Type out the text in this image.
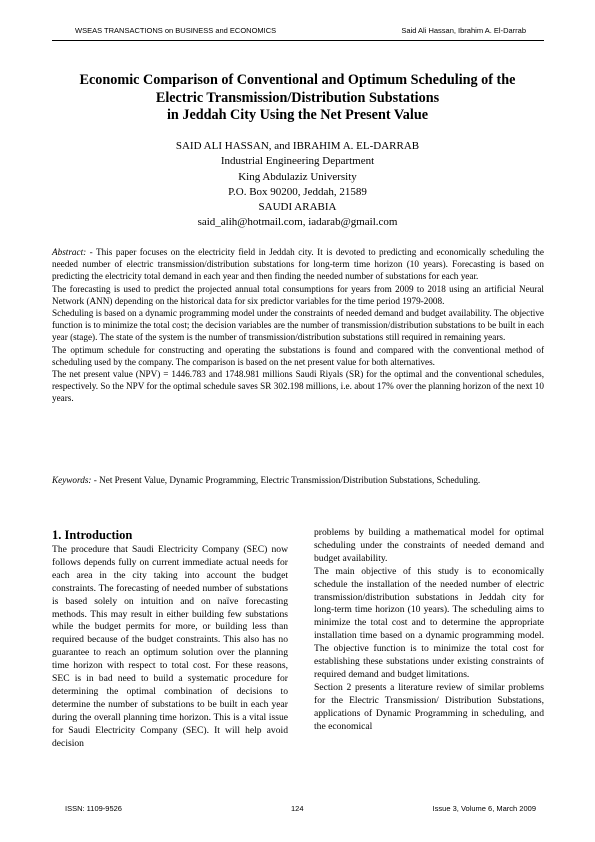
WSEAS TRANSACTIONS on BUSINESS and ECONOMICS	Said Ali Hassan, Ibrahim A. El-Darrab
Economic Comparison of Conventional and Optimum Scheduling of the
Electric Transmission/Distribution Substations
in Jeddah City Using the Net Present Value
SAID ALI HASSAN, and IBRAHIM A. EL-DARRAB
Industrial Engineering Department
King Abdulaziz University
P.O. Box 90200, Jeddah, 21589
SAUDI ARABIA
said_alih@hotmail.com, iadarab@gmail.com

Abstract: - This paper focuses on the electricity field in Jeddah city. It is devoted to predicting and economically scheduling the needed number of electric transmission/distribution substations for long-term time horizon (10 years). Forecasting is based on predicting the electricity total demand in each year and then finding the needed number of substations for each year.

The forecasting is used to predict the projected annual total consumptions for years from 2009 to 2018 using an artificial Neural Network (ANN) depending on the historical data for six predictor variables for the time period 1979-2008.

Scheduling is based on a dynamic programming model under the constraints of needed demand and budget availability. The objective function is to minimize the total cost; the decision variables are the number of transmission/distribution substations to be built in each year (stage). The state of the system is the number of transmission/distribution substations still required in remaining years.

The optimum schedule for constructing and operating the substations is found and compared with the conventional method of scheduling used by the company. The comparison is based on the net present value for both alternatives.

The net present value (NPV) = 1446.783 and 1748.981 millions Saudi Riyals (SR) for the optimal and the conventional schedules, respectively. So the NPV for the optimal schedule saves SR 302.198 millions, i.e. about 17% over the planning horizon of the next 10 years.

Keywords: - Net Present Value, Dynamic Programming, Electric Transmission/Distribution Substations, Scheduling.
1. Introduction

The procedure that Saudi Electricity Company (SEC) now follows depends fully on current immediate actual needs for each area in the city taking into account the budget constraints. The forecasting of needed number of substations is based solely on intuition and on naïve forecasting methods. This may result in either building few substations while the budget permits for more, or building less than required because of the budget constraints. This also has no guarantee to reach an optimum solution over the planning time horizon with respect to total cost. For these reasons, SEC is in bad need to build a systematic procedure for determining the optimal combination of decisions to determine the number of substations to be built in each year during the overall planning time horizon. This is a vital issue for Saudi Electricity Company (SEC). It will help avoid decision

problems by building a mathematical model for optimal scheduling under the constraints of needed demand and budget availability.

The main objective of this study is to economically schedule the installation of the needed number of electric transmission/distribution substations in Jeddah city for long-term time horizon (10 years). The scheduling aims to minimize the total cost and to determine the appropriate installation time based on a dynamic programming model. The objective function is to minimize the total cost for establishing these substations under existing constraints of required demand and budget limitations.

Section 2 presents a literature review of similar problems for the Electric Transmission/ Distribution Substations, applications of Dynamic Programming in scheduling, and the economical

ISSN: 1109-9526	124	Issue 3, Volume 6, March 2009
